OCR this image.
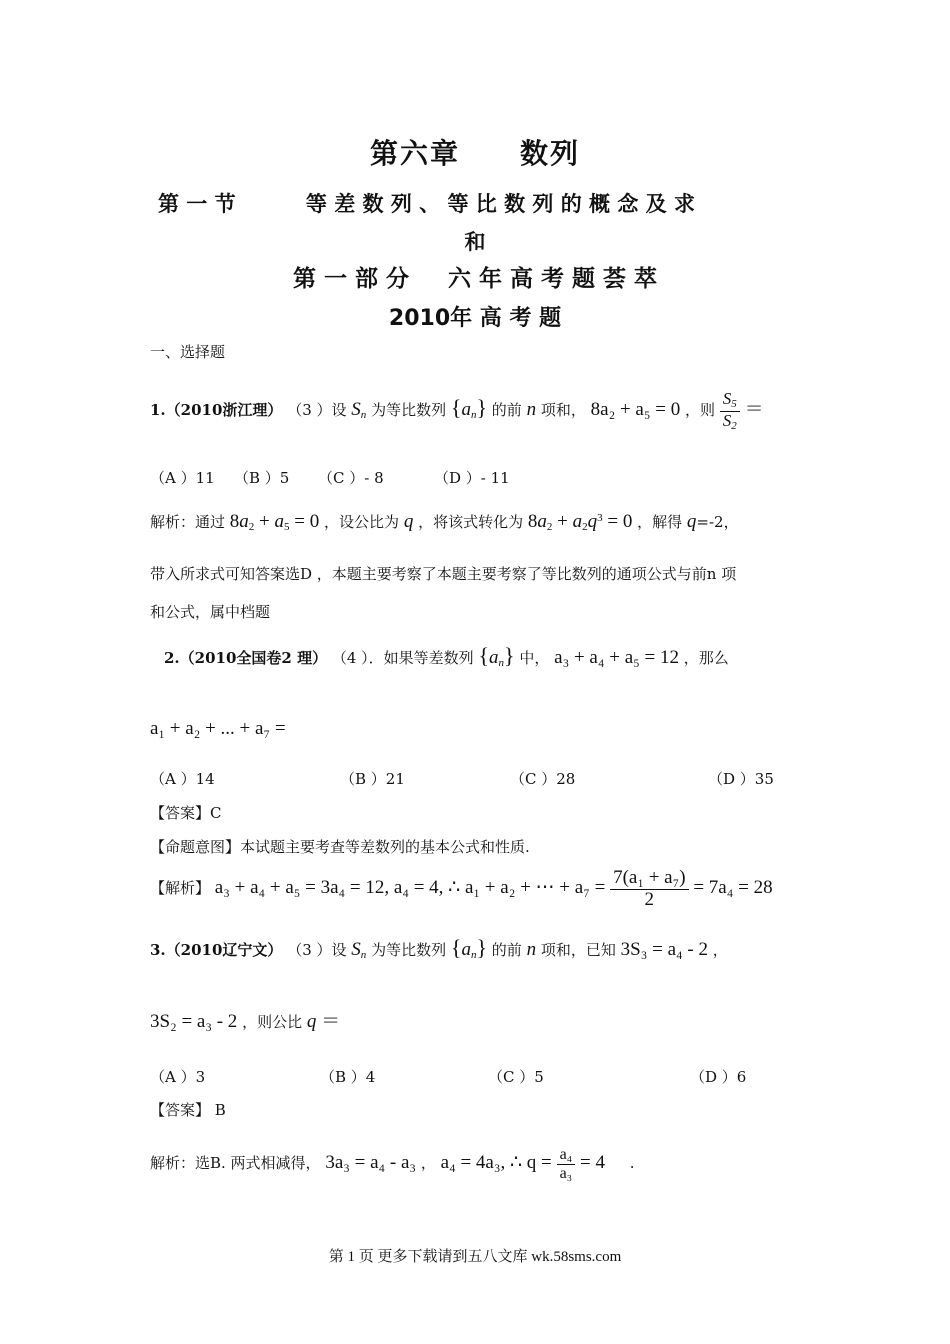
第六章　　数列
第 一 节 　　　等 差 数 列 、 等 比 数 列 的 概 念 及 求
和
第 一 部 分 　 六 年 高 考 题 荟 萃
2010年 高 考 题
一、选择题
1.（2010浙江理） （3 ）设 $S_n$ 为等比数列 $\{a_n\}$ 的前 n 项和， 8a₂ + a₅ = 0 ，则 $\frac{S_5}{S_2}$ ＝
（A ）11 （B ）5 （C ）- 8	（D ）- 11
解析：通过 $8a_2 + a_5 = 0$ ，设公比为 q ，将该式转化为 $8a_2 + a_2q^3 = 0$ ，解得 q=-2，
带入所求式可知答案选D ，本题主要考察了本题主要考察了等比数列的通项公式与前n 项
和公式，属中档题
2.（2010全国卷2 理） （4 ）．如果等差数列 $\{a_n\}$ 中， a₃ + a₄ + a₅ = 12 ，那么
a₁ + a₂ + ... + a₇ =
（A ）14	（B ）21	（C ）28	（D ）35
【答案】C
【命题意图】本试题主要考查等差数列的基本公式和性质.
【解析】 a₃ + a₄ + a₅ = 3a₄ = 12, a₄ = 4, ∴ a₁ + a₂ + ⋯ + $a_7 = \frac{\text{7(a₁ + a₇)}}{2} = 7a_4 = 28$
3.（2010辽宁文） （3 ）设 $S_n$ 为等比数列 $\{a_n\}$ 的前 n 项和，已知 3S₃ = a₄ - 2 ，
3S₂ = a₃ - 2 ，则公比 q ＝
（A ）3	（B ）4	（C ）5	（D ）6
【答案】 B
解析：选B. 两式相减得， 3a₃ = a₄ - a₃ ， a₄ = 4a₃, ∴ $q = \frac{\text{a₄}}{\text{a₃}} = 4$ .
第 1 页 更多下载请到五八文库 wk.58sms.com
